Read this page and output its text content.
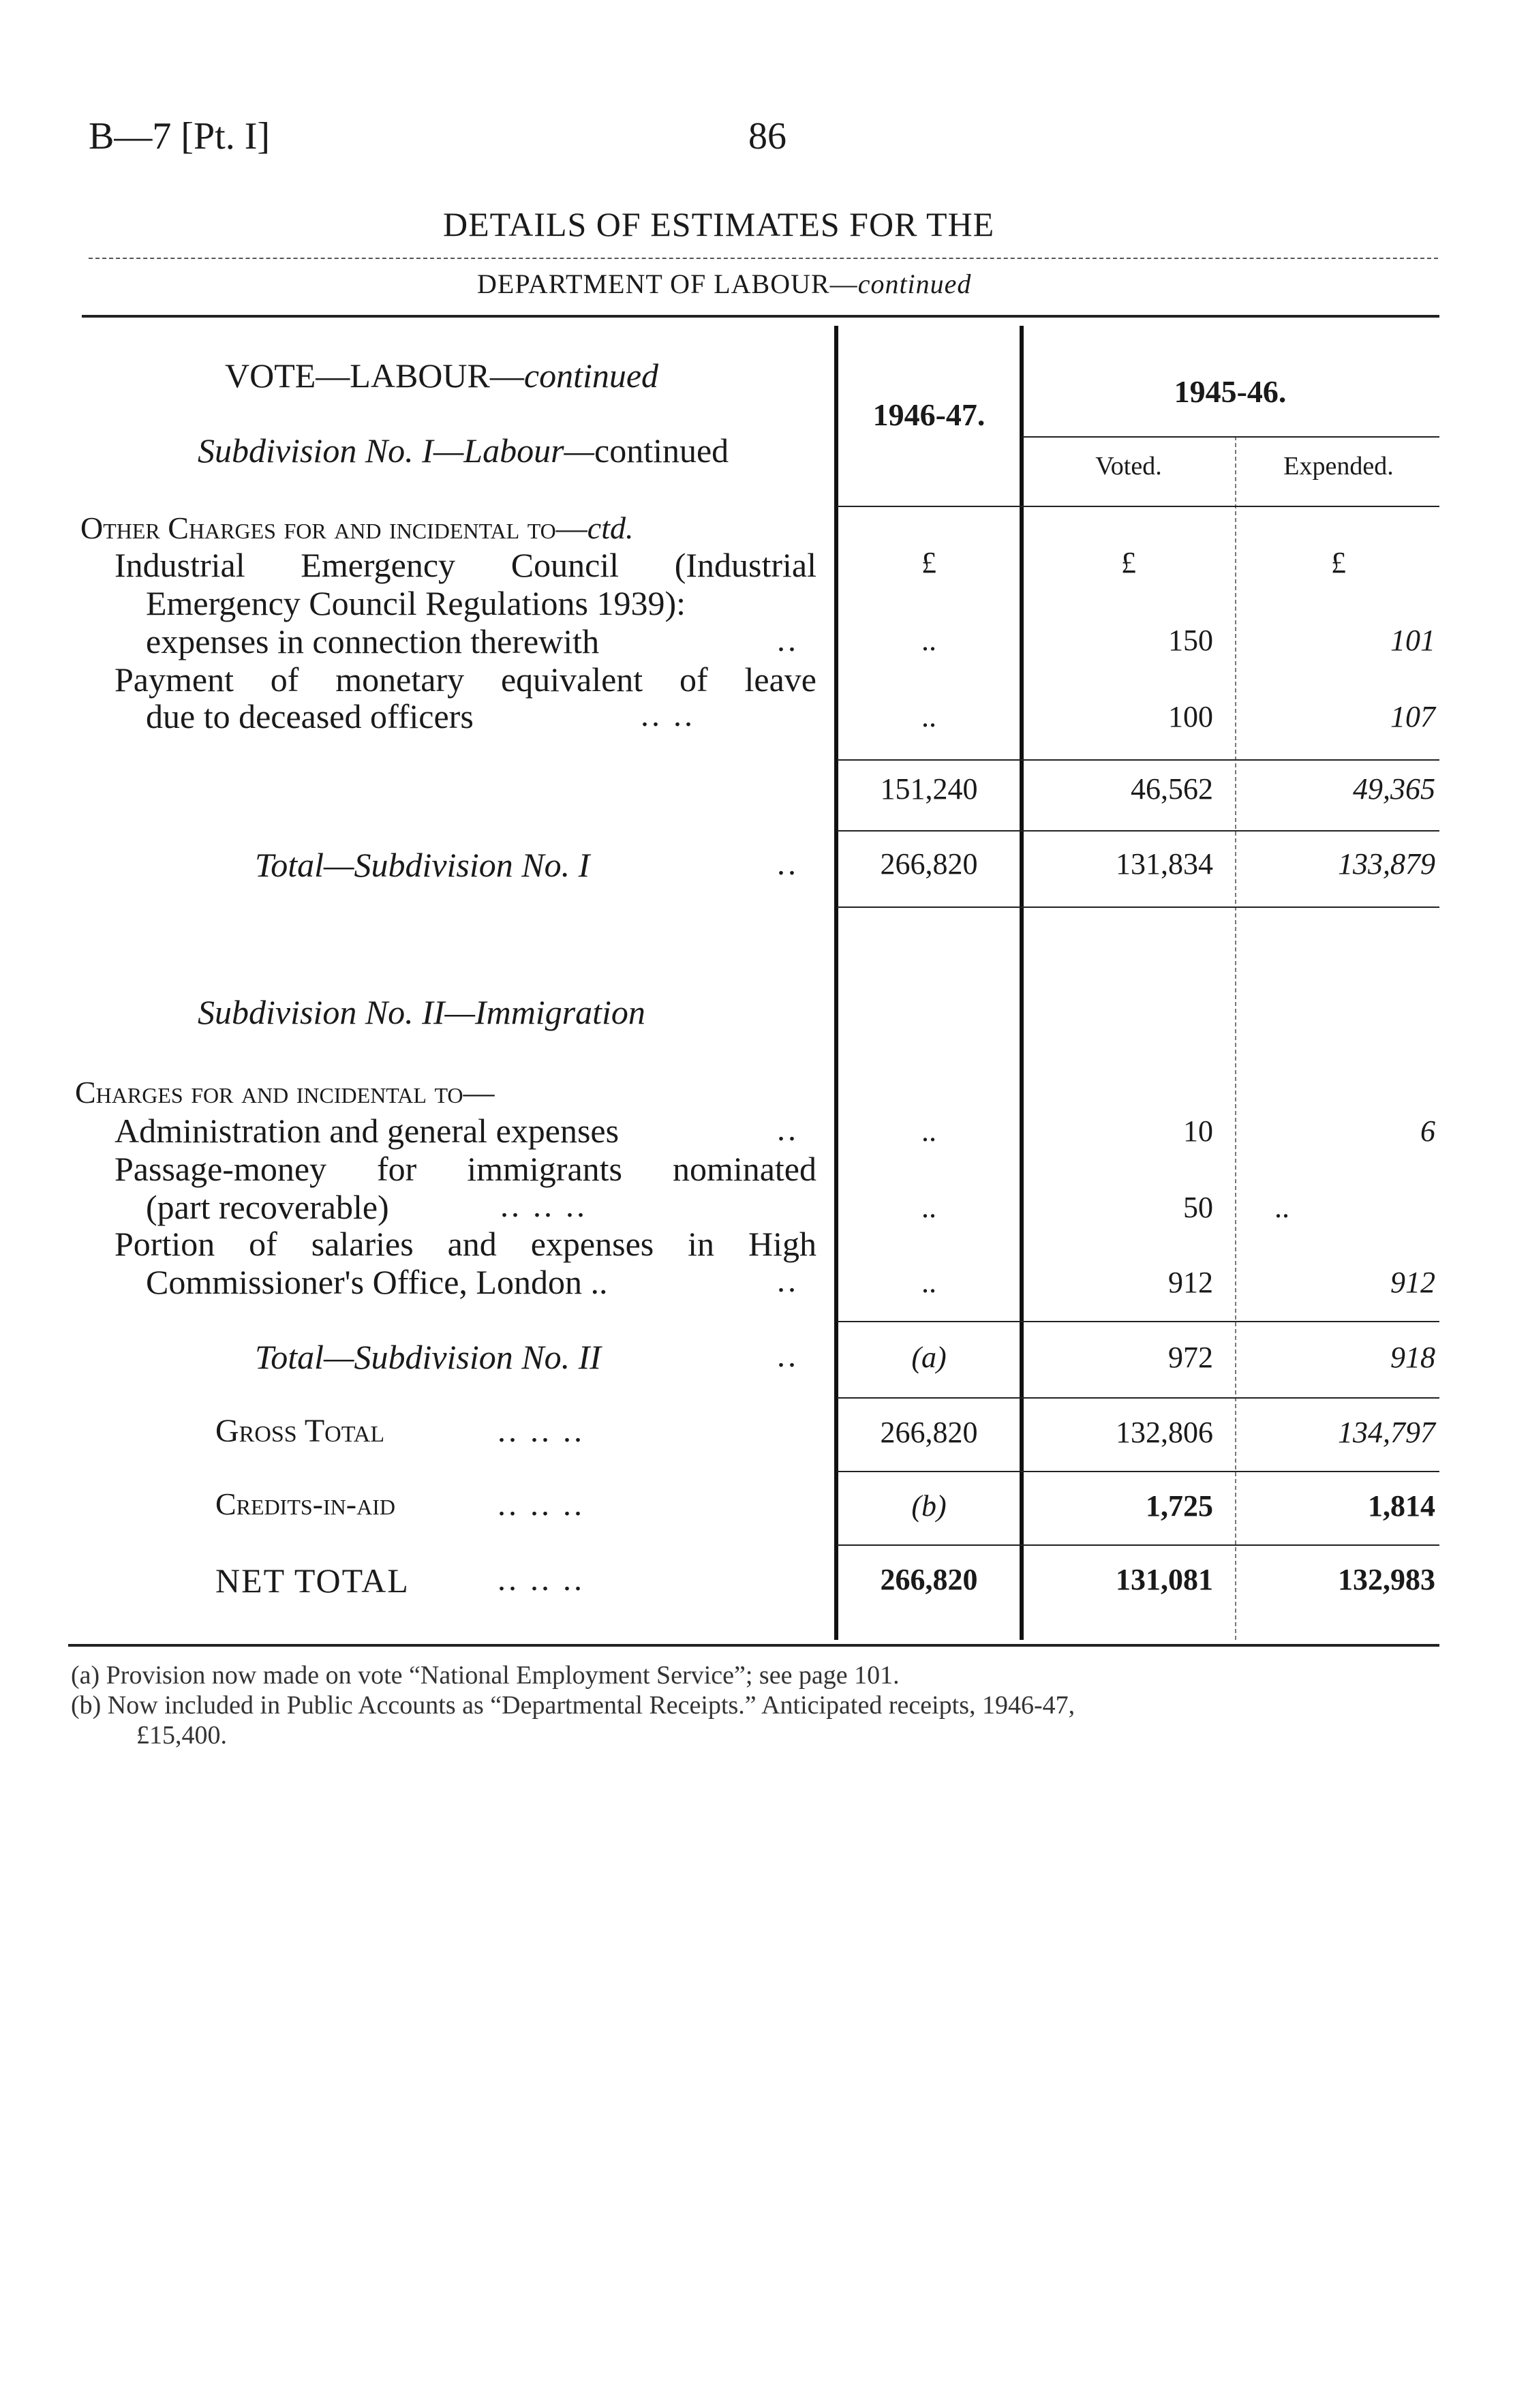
B—7 [Pt. I]	86
DETAILS OF ESTIMATES FOR THE
DEPARTMENT OF LABOUR—continued
1946-47.
1945-46.
Voted.	Expended.
VOTE—LABOUR—continued
Subdivision No. I—Labour—continued
Other Charges for and incidental to—ctd.
£	£	£
Industrial Emergency Council (Industrial
Emergency Council Regulations 1939):
expenses in connection therewith	..	..	150	101
Payment of monetary equivalent of leave
due to deceased officers	.. ..	..	100	107
151,240	46,562	49,365
Total—Subdivision No. I	..	266,820	131,834	133,879
Subdivision No. II—Immigration
Charges for and incidental to—
Administration and general expenses	..	..	10	6
Passage-money for immigrants nominated
(part recoverable)	.. .. ..	..	50	..
Portion of salaries and expenses in High
Commissioner's Office, London ..	..	..	912	912
Total—Subdivision No. II	..	(a)	972	918
Gross Total	.. .. ..	266,820	132,806	134,797
Credits-in-aid	.. .. ..	(b)	1,725	1,814
NET TOTAL	.. .. ..	266,820	131,081	132,983
(a) Provision now made on vote “National Employment Service”; see page 101.
(b) Now included in Public Accounts as “Departmental Receipts.” Anticipated receipts, 1946-47,
£15,400.
